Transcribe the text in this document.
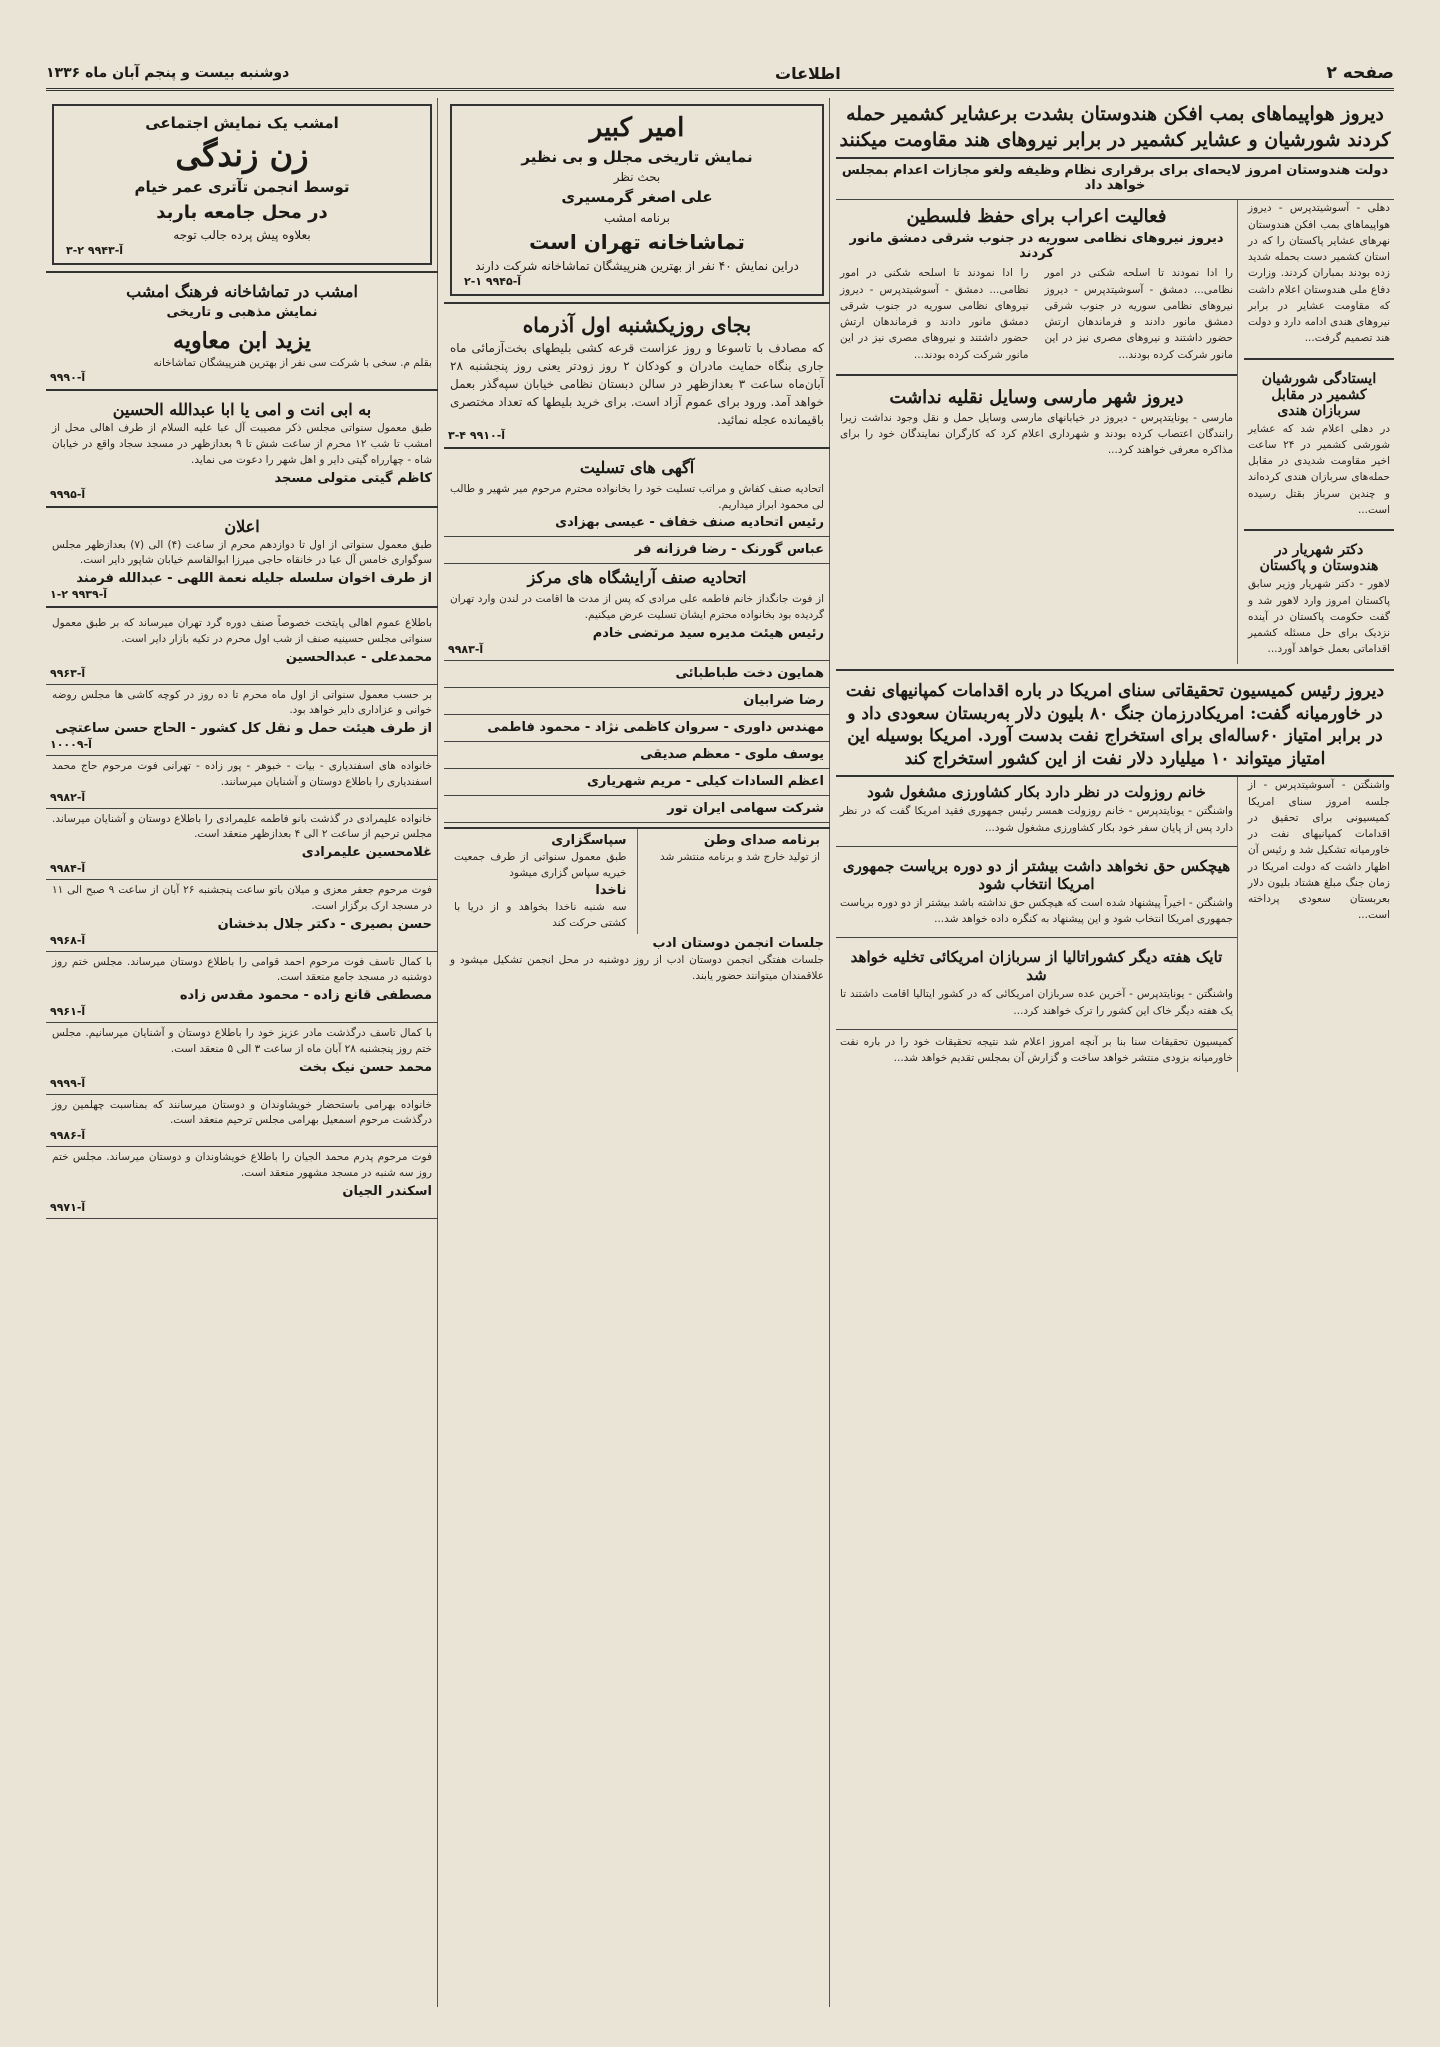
صفحه ۲
اطلاعات
دوشنبه بیست و پنجم آبان ماه ۱۳۳۶
دیروز هواپیماهای بمب افکن هندوستان بشدت برعشایر کشمیر حمله کردند شورشیان و عشایر کشمیر در برابر نیروهای هند مقاومت میکنند
دولت هندوستان امروز لایحه‌ای برای برقراری نظام وظیفه ولغو مجازات اعدام بمجلس خواهد داد
دهلی - آسوشیتدپرس - دیروز هواپیماهای بمب افکن هندوستان نهرهای عشایر پاکستان را که در استان کشمیر دست بحمله شدید زده بودند بمباران کردند. وزارت دفاع ملی هندوستان اعلام داشت که مقاومت عشایر در برابر نیروهای هندی ادامه دارد و دولت هند تصمیم گرفت...
ایستادگی شورشیان کشمیر در مقابل سربازان هندی
در دهلی اعلام شد که عشایر شورشی کشمیر در ۲۴ ساعت اخیر مقاومت شدیدی در مقابل حمله‌های سربازان هندی کرده‌اند و چندین سرباز بقتل رسیده است...
دکتر شهریار در هندوستان و پاکستان
لاهور - دکتر شهریار وزیر سابق پاکستان امروز وارد لاهور شد و گفت حکومت پاکستان در آینده نزدیک برای حل مسئله کشمیر اقداماتی بعمل خواهد آورد...
فعالیت اعراب برای حفظ فلسطین
دیروز نیروهای نظامی سوریه در جنوب شرقی دمشق مانور کردند
را ادا نمودند تا اسلحه شکنی در امور نظامی... دمشق - آسوشیتدپرس - دیروز نیروهای نظامی سوریه در جنوب شرقی دمشق مانور دادند و فرماندهان ارتش حضور داشتند و نیروهای مصری نیز در این مانور شرکت کرده بودند...
را ادا نمودند تا اسلحه شکنی در امور نظامی... دمشق - آسوشیتدپرس - دیروز نیروهای نظامی سوریه در جنوب شرقی دمشق مانور دادند و فرماندهان ارتش حضور داشتند و نیروهای مصری نیز در این مانور شرکت کرده بودند...
دیروز شهر مارسی وسایل نقلیه نداشت
مارسی - یونایتدپرس - دیروز در خیابانهای مارسی وسایل حمل و نقل وجود نداشت زیرا رانندگان اعتصاب کرده بودند و شهرداری اعلام کرد که کارگران نمایندگان خود را برای مذاکره معرفی خواهند کرد...
دیروز رئیس کمیسیون تحقیقاتی سنای امریکا در باره اقدامات کمپانیهای نفت در خاورمیانه گفت: امریکادرزمان جنگ ۸۰ بلیون دلار به‌ربستان سعودی داد و در برابر امتیاز ۶۰ساله‌ای برای استخراج نفت بدست آورد. امریکا بوسیله این امتیاز میتواند ۱۰ میلیارد دلار نفت از این کشور استخراج کند
واشنگتن - آسوشیتدپرس - از جلسه امروز سنای امریکا کمیسیونی برای تحقیق در اقدامات کمپانیهای نفت در خاورمیانه تشکیل شد و رئیس آن اظهار داشت که دولت امریکا در زمان جنگ مبلغ هشتاد بلیون دلار بعربستان سعودی پرداخته است...
خانم روزولت در نظر دارد بکار کشاورزی مشغول شود
واشنگتن - یونایتدپرس - خانم روزولت همسر رئیس جمهوری فقید امریکا گفت که در نظر دارد پس از پایان سفر خود بکار کشاورزی مشغول شود...
هیچکس حق نخواهد داشت بیشتر از دو دوره بریاست جمهوری امریکا انتخاب شود
واشنگتن - اخیراً پیشنهاد شده است که هیچکس حق نداشته باشد بیشتر از دو دوره بریاست جمهوری امریکا انتخاب شود و این پیشنهاد به کنگره داده خواهد شد...
تایک هفته دیگر کشوراتالیا از سربازان امریکائی تخلیه خواهد شد
واشنگتن - یونایتدپرس - آخرین عده سربازان امریکائی که در کشور ایتالیا اقامت داشتند تا یک هفته دیگر خاک این کشور را ترک خواهند کرد...
کمیسیون تحقیقات سنا بنا بر آنچه امروز اعلام شد نتیجه تحقیقات خود را در باره نفت خاورمیانه بزودی منتشر خواهد ساخت و گزارش آن بمجلس تقدیم خواهد شد...
امیر کبیر
نمایش تاریخی مجلل و بی نظیر
بحث نظر
علی اصغر گرمسیری
برنامه امشب
تماشاخانه تهران است
دراین نمایش ۴۰ نفر از بهترین هنرپیشگان تماشاخانه شرکت دارند
آ-۹۹۴۵ ۱-۲
بجای روزیکشنبه اول آذرماه
که مصادف با تاسوعا و روز عزاست قرعه کشی بلیطهای بخت‌آزمائی ماه جاری بنگاه حمایت مادران و کودکان ۲ روز زودتر یعنی روز پنجشنبه ۲۸ آبان‌ماه ساعت ۳ بعدازظهر در سالن دبستان نظامی خیابان سپه‌گذر بعمل خواهد آمد. ورود برای عموم آزاد است. برای خرید بلیطها که تعداد مختصری باقیمانده عجله نمائید.
آ-۹۹۱۰ ۴-۳
آگهی های تسلیت
اتحادیه صنف کفاش و مراتب تسلیت خود را بخانواده محترم مرحوم میر شهیر و طالب لی محمود ابراز میداریم.
رئیس اتحادیه صنف خفاف - عیسی بهزادی
عباس گورنک - رضا فرزانه فر
اتحادیه صنف آرایشگاه های مرکز
از فوت جانگداز خانم فاطمه علی مرادی که پس از مدت ها اقامت در لندن وارد تهران گردیده بود بخانواده محترم ایشان تسلیت عرض میکنیم.
رئیس هیئت مدیره سید مرتضی خادم
آ-۹۹۸۳
همایون دخت طباطبائی
رضا ضرابیان
مهندس داوری - سروان کاظمی نژاد - محمود فاطمی
یوسف ملوی - معظم صدیقی
اعظم السادات کیلی - مریم شهریاری
شرکت سهامی ایران تور
برنامه صدای وطن
از تولید خارج شد و برنامه منتشر شد
سپاسگزاری
طبق معمول سنواتی از طرف جمعیت خیریه سپاس گزاری میشود
ناخدا
سه شنبه ناخدا بخواهد و از دریا با کشتی حرکت کند
جلسات انجمن دوستان ادب
جلسات هفتگی انجمن دوستان ادب از روز دوشنبه در محل انجمن تشکیل میشود و علاقمندان میتوانند حضور یابند.
امشب یک نمایش اجتماعی
زن زندگی
توسط انجمن تآتری عمر خیام
در محل جامعه باربد
بعلاوه پیش پرده جالب توجه
آ-۹۹۴۳ ۲-۳
امشب در تماشاخانه فرهنگ امشب
نمایش مذهبی و تاریخی
یزید ابن معاویه
بقلم م. سخی با شرکت سی نفر از بهترین هنرپیشگان تماشاخانه
آ-۹۹۹۰
به ابی انت و امی یا ابا عبدالله الحسین
طبق معمول سنواتی مجلس ذکر مصیبت آل عبا علیه السلام از طرف اهالی محل از امشب تا شب ۱۲ محرم از ساعت شش تا ۹ بعدازظهر در مسجد سجاد واقع در خیابان شاه - چهارراه گیتی دایر و اهل شهر را دعوت می نماید.
کاظم گیتی متولی مسجد
آ-۹۹۹۵
اعلان
طبق معمول سنواتی از اول تا دوازدهم محرم از ساعت (۴) الی (۷) بعدازظهر مجلس سوگواری خامس آل عبا در خانقاه حاجی میرزا ابوالقاسم خیابان شاپور دایر است.
از طرف اخوان سلسله جلیله نعمة اللهی - عبدالله فرمند
آ-۹۹۳۹ ۲-۱
باطلاع عموم اهالی پایتخت خصوصاً صنف دوره گرد تهران میرساند که بر طبق معمول سنواتی مجلس حسینیه صنف از شب اول محرم در تکیه بازار دایر است.
محمدعلی - عبدالحسین
آ-۹۹۶۳
بر حسب معمول سنواتی از اول ماه محرم تا ده روز در کوچه کاشی ها مجلس روضه خوانی و عزاداری دایر خواهد بود.
از طرف هیئت حمل و نقل کل کشور - الحاج حسن ساعتچی
آ-۱۰۰۰۹
خانواده های اسفندیاری - بیات - خبوهر - پور زاده - تهرانی فوت مرحوم حاج محمد اسفندیاری را باطلاع دوستان و آشنایان میرسانند.
آ-۹۹۸۲
خانواده علیمرادی در گذشت بانو فاطمه علیمرادی را باطلاع دوستان و آشنایان میرساند. مجلس ترحیم از ساعت ۲ الی ۴ بعدازظهر منعقد است.
غلامحسین علیمرادی
آ-۹۹۸۴
فوت مرحوم جعفر معزی و میلان باتو ساعت پنجشنبه ۲۶ آبان از ساعت ۹ صبح الی ۱۱ در مسجد ارک برگزار است.
حسن بصیری - دکتر جلال بدخشان
آ-۹۹۶۸
با کمال تاسف فوت مرحوم احمد قوامی را باطلاع دوستان میرساند. مجلس ختم روز دوشنبه در مسجد جامع منعقد است.
مصطفی قانع زاده - محمود مقدس زاده
آ-۹۹۶۱
با کمال تاسف درگذشت مادر عزیز خود را باطلاع دوستان و آشنایان میرسانیم. مجلس ختم روز پنجشنبه ۲۸ آبان ماه از ساعت ۳ الی ۵ منعقد است.
محمد حسن نیک بخت
آ-۹۹۹۹
خانواده بهرامی باستحضار خویشاوندان و دوستان میرسانند که بمناسبت چهلمین روز درگذشت مرحوم اسمعیل بهرامی مجلس ترحیم منعقد است.
آ-۹۹۸۶
فوت مرحوم پدرم محمد الجیان را باطلاع خویشاوندان و دوستان میرساند. مجلس ختم روز سه شنبه در مسجد مشهور منعقد است.
اسکندر الجیان
آ-۹۹۷۱
